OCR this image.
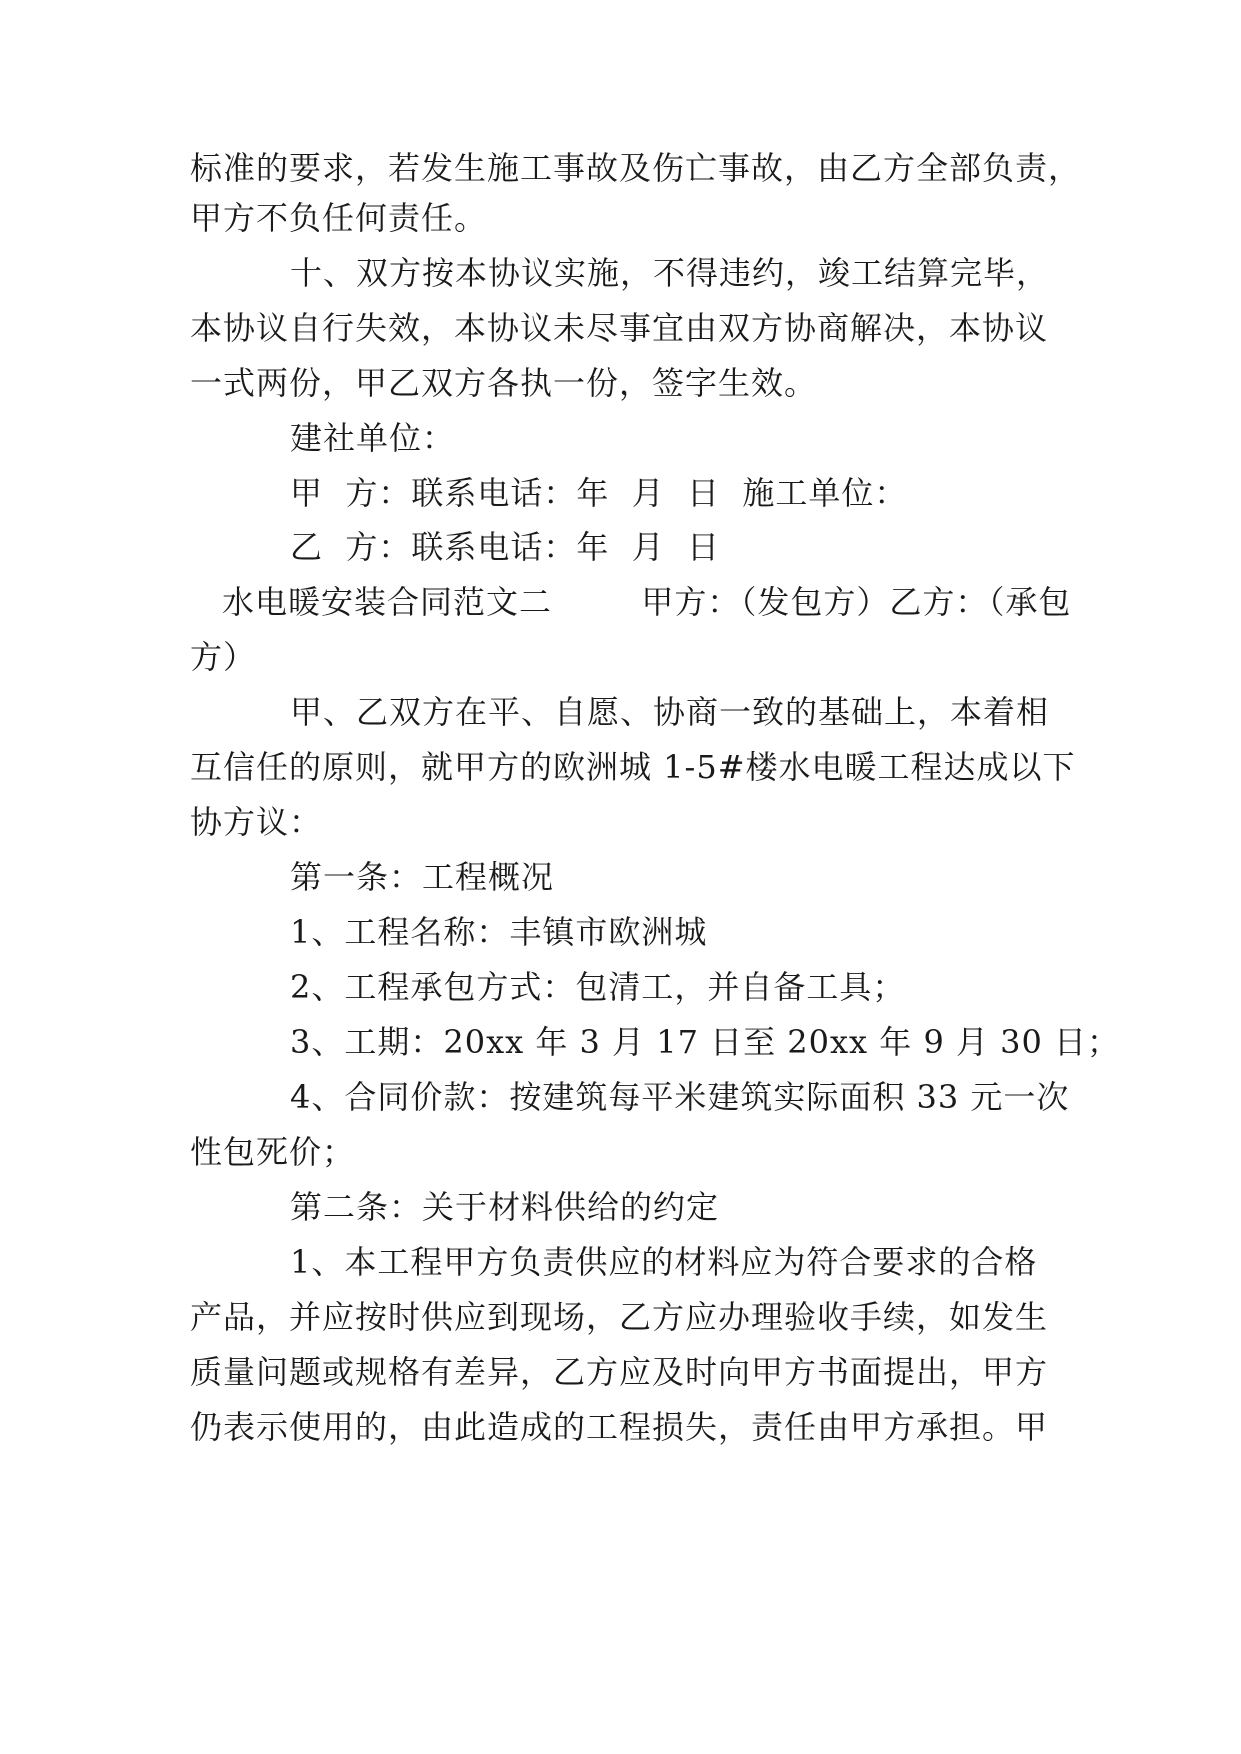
标准的要求，若发生施工事故及伤亡事故，由乙方全部负责，
甲方不负任何责任。
十、双方按本协议实施，不得违约，竣工结算完毕，
本协议自行失效，本协议未尽事宜由双方协商解决，本协议
一式两份，甲乙双方各执一份，签字生效。
建社单位：
甲  方：联系电话：年  月  日  施工单位：
乙  方：联系电话：年  月  日
水电暖安装合同范文二        甲方：（发包方）乙方：（承包
方）
甲、乙双方在平、自愿、协商一致的基础上，本着相
互信任的原则，就甲方的欧洲城 1-5#楼水电暖工程达成以下
协方议：
第一条：工程概况
1、工程名称：丰镇市欧洲城
2、工程承包方式：包清工，并自备工具；
3、工期：20xx 年 3 月 17 日至 20xx 年 9 月 30 日；
4、合同价款：按建筑每平米建筑实际面积 33 元一次
性包死价；
第二条：关于材料供给的约定
1、本工程甲方负责供应的材料应为符合要求的合格
产品，并应按时供应到现场，乙方应办理验收手续，如发生
质量问题或规格有差异，乙方应及时向甲方书面提出，甲方
仍表示使用的，由此造成的工程损失，责任由甲方承担。甲
